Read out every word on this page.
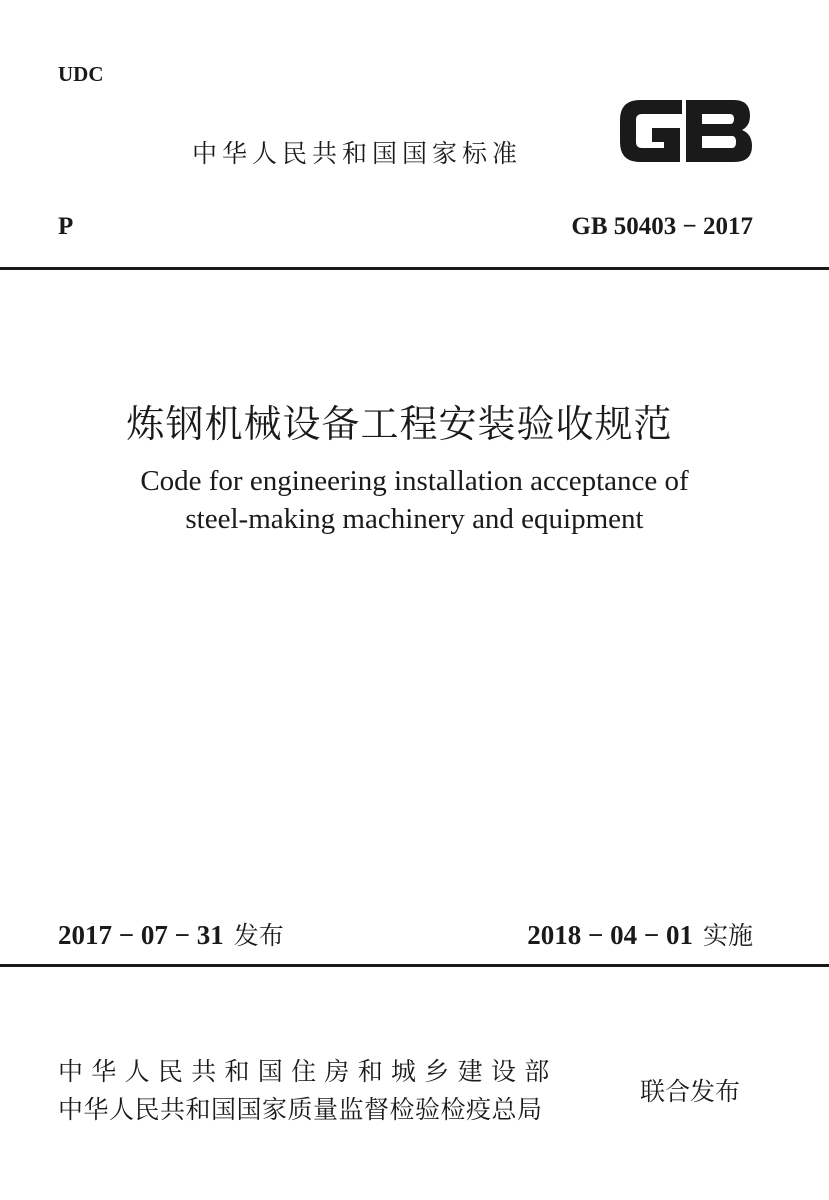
UDC
中华人民共和国国家标准
P	GB 50403 − 2017
炼钢机械设备工程安装验收规范
Code for engineering installation acceptance of
steel-making machinery and equipment
2017 − 07 − 31 发布	2018 − 04 − 01 实施
中华人民共和国住房和城乡建设部
中华人民共和国国家质量监督检验检疫总局
联合发布
